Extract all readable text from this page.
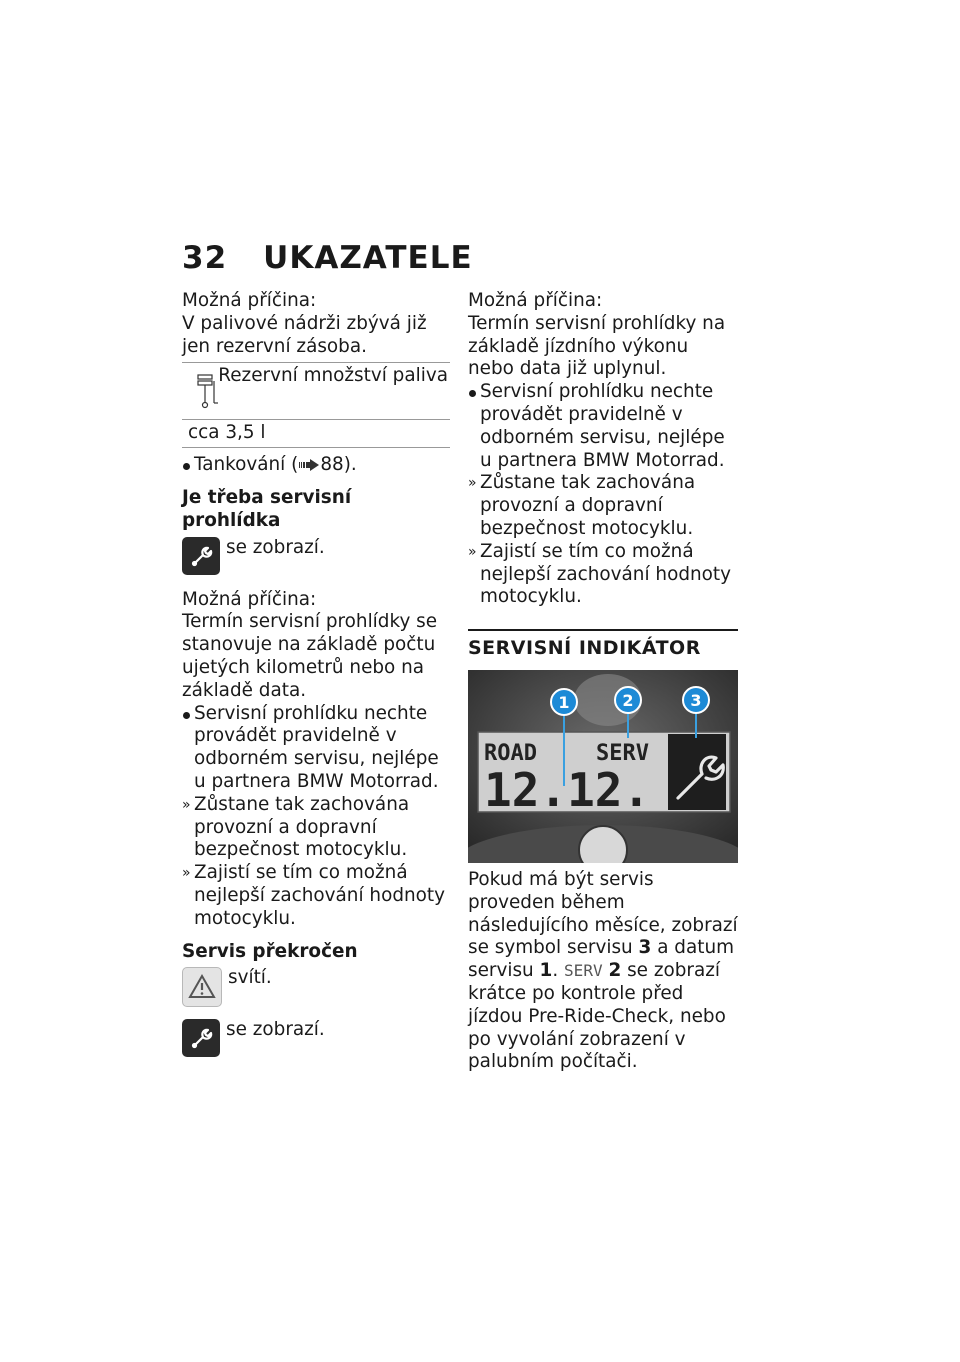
32 UKAZATELE

Možná příčina:

V palivové nádrži zbývá již jen rezervní zásoba.

Rezervní množství paliva
cca 3,5 l
Tankování ( 88).

Je třeba servisní prohlídka

se zobrazí.

Možná příčina:

Termín servisní prohlídky se stanovuje na základě počtu ujetých kilometrů nebo na základě data.

Servisní prohlídku nechte provádět pravidelně v odborném servisu, nejlépe u partnera BMW Motorrad.
» Zůstane tak zachována provozní a dopravní bezpečnost motocyklu.
» Zajistí se tím co možná nejlepší zachování hodnoty motocyklu.

Servis překročen

svítí.
se zobrazí.

Možná příčina:

Termín servisní prohlídky na základě jízdního výkonu nebo data již uplynul.

Servisní prohlídku nechte provádět pravidelně v odborném servisu, nejlépe u partnera BMW Motorrad.
» Zůstane tak zachována provozní a dopravní bezpečnost motocyklu.
» Zajistí se tím co možná nejlepší zachování hodnoty motocyklu.
SERVISNÍ INDIKÁTOR
ROAD	SERV
12.12.
1	2	3

Pokud má být servis proveden během následujícího měsíce, zobrazí se symbol servisu 3 a datum servisu 1. SERV 2 se zobrazí krátce po kontrole před jízdou Pre-Ride-Check, nebo po vyvolání zobrazení v palubním počítači.
